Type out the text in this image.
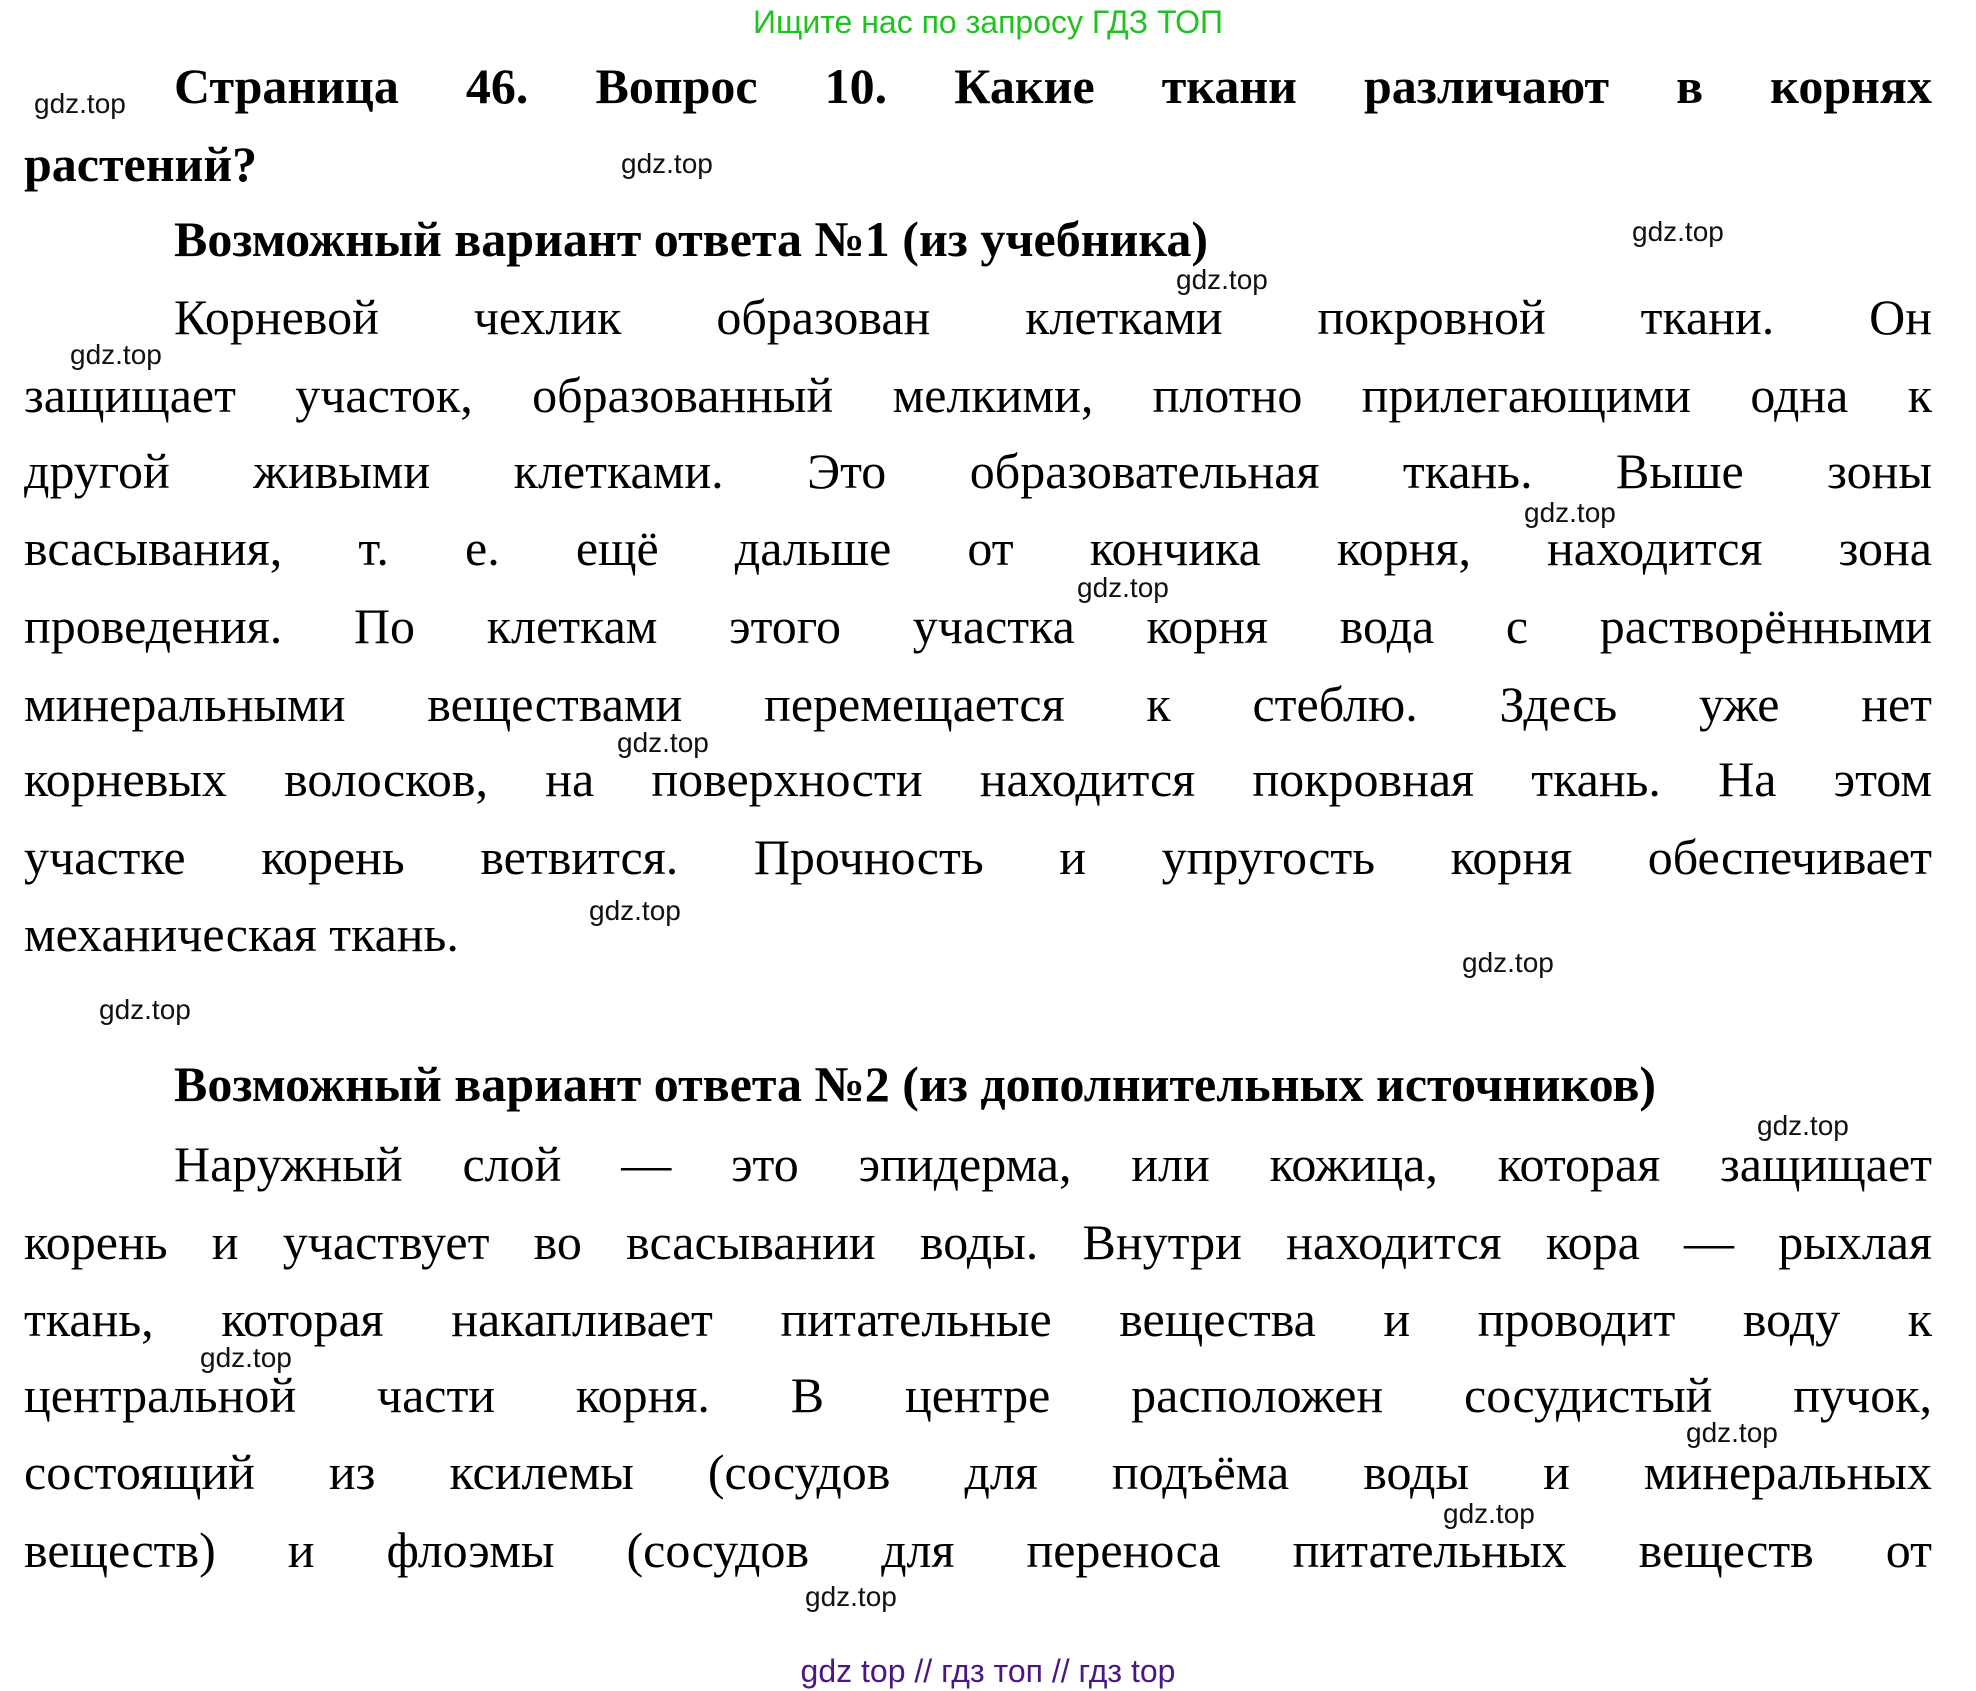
Ищите нас по запросу ГДЗ ТОП
Страница 46. Вопрос 10. Какие ткани различают в корнях
растений?
Возможный вариант ответа №1 (из учебника)
Корневой чехлик образован клетками покровной ткани. Он
защищает участок, образованный мелкими, плотно прилегающими одна к
другой живыми клетками. Это образовательная ткань. Выше зоны
всасывания, т. е. ещё дальше от кончика корня, находится зона
проведения. По клеткам этого участка корня вода с растворёнными
минеральными веществами перемещается к стеблю. Здесь уже нет
корневых волосков, на поверхности находится покровная ткань. На этом
участке корень ветвится. Прочность и упругость корня обеспечивает
механическая ткань.
Возможный вариант ответа №2 (из дополнительных источников)
Наружный слой — это эпидерма, или кожица, которая защищает
корень и участвует во всасывании воды. Внутри находится кора — рыхлая
ткань, которая накапливает питательные вещества и проводит воду к
центральной части корня. В центре расположен сосудистый пучок,
состоящий из ксилемы (сосудов для подъёма воды и минеральных
веществ) и флоэмы (сосудов для переноса питательных веществ от
gdz.top
gdz.top
gdz.top
gdz.top
gdz.top
gdz.top
gdz.top
gdz.top
gdz.top
gdz.top
gdz.top
gdz.top
gdz.top
gdz.top
gdz.top
gdz.top
gdz top // гдз топ // гдз top
